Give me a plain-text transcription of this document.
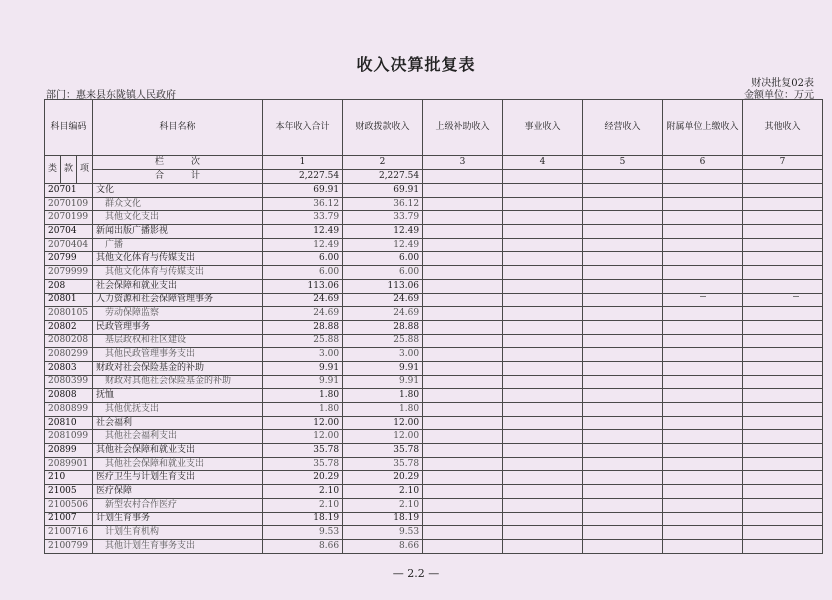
收入决算批复表
财决批复02表
金额单位：万元
部门：惠来县东陇镇人民政府
科目编码			科目名称	本年收入合计	财政拨款收入	上级补助收入	事业收入	经营收入	附属单位上缴收入	其他收入
类	款	项	栏　　　次	1	2	3	4	5	6	7
			合　　　计	2,227.54	2,227.54					
20701			文化	69.91	69.91					
2070109			群众文化	36.12	36.12					
2070199			其他文化支出	33.79	33.79					
20704			新闻出版广播影视	12.49	12.49					
2070404			广播	12.49	12.49					
20799			其他文化体育与传媒支出	6.00	6.00					
2079999			其他文化体育与传媒支出	6.00	6.00					
208			社会保障和就业支出	113.06	113.06					
20801			人力资源和社会保障管理事务	24.69	24.69					
2080105			劳动保障监察	24.69	24.69					
20802			民政管理事务	28.88	28.88					
2080208			基层政权和社区建设	25.88	25.88					
2080299			其他民政管理事务支出	3.00	3.00					
20803			财政对社会保险基金的补助	9.91	9.91					
2080399			财政对其他社会保险基金的补助	9.91	9.91					
20808			抚恤	1.80	1.80					
2080899			其他优抚支出	1.80	1.80					
20810			社会福利	12.00	12.00					
2081099			其他社会福利支出	12.00	12.00					
20899			其他社会保障和就业支出	35.78	35.78					
2089901			其他社会保障和就业支出	35.78	35.78					
210			医疗卫生与计划生育支出	20.29	20.29					
21005			医疗保障	2.10	2.10					
2100506			新型农村合作医疗	2.10	2.10					
21007			计划生育事务	18.19	18.19					
2100716			计划生育机构	9.53	9.53					
2100799			其他计划生育事务支出	8.66	8.66					
— 2.2 —
